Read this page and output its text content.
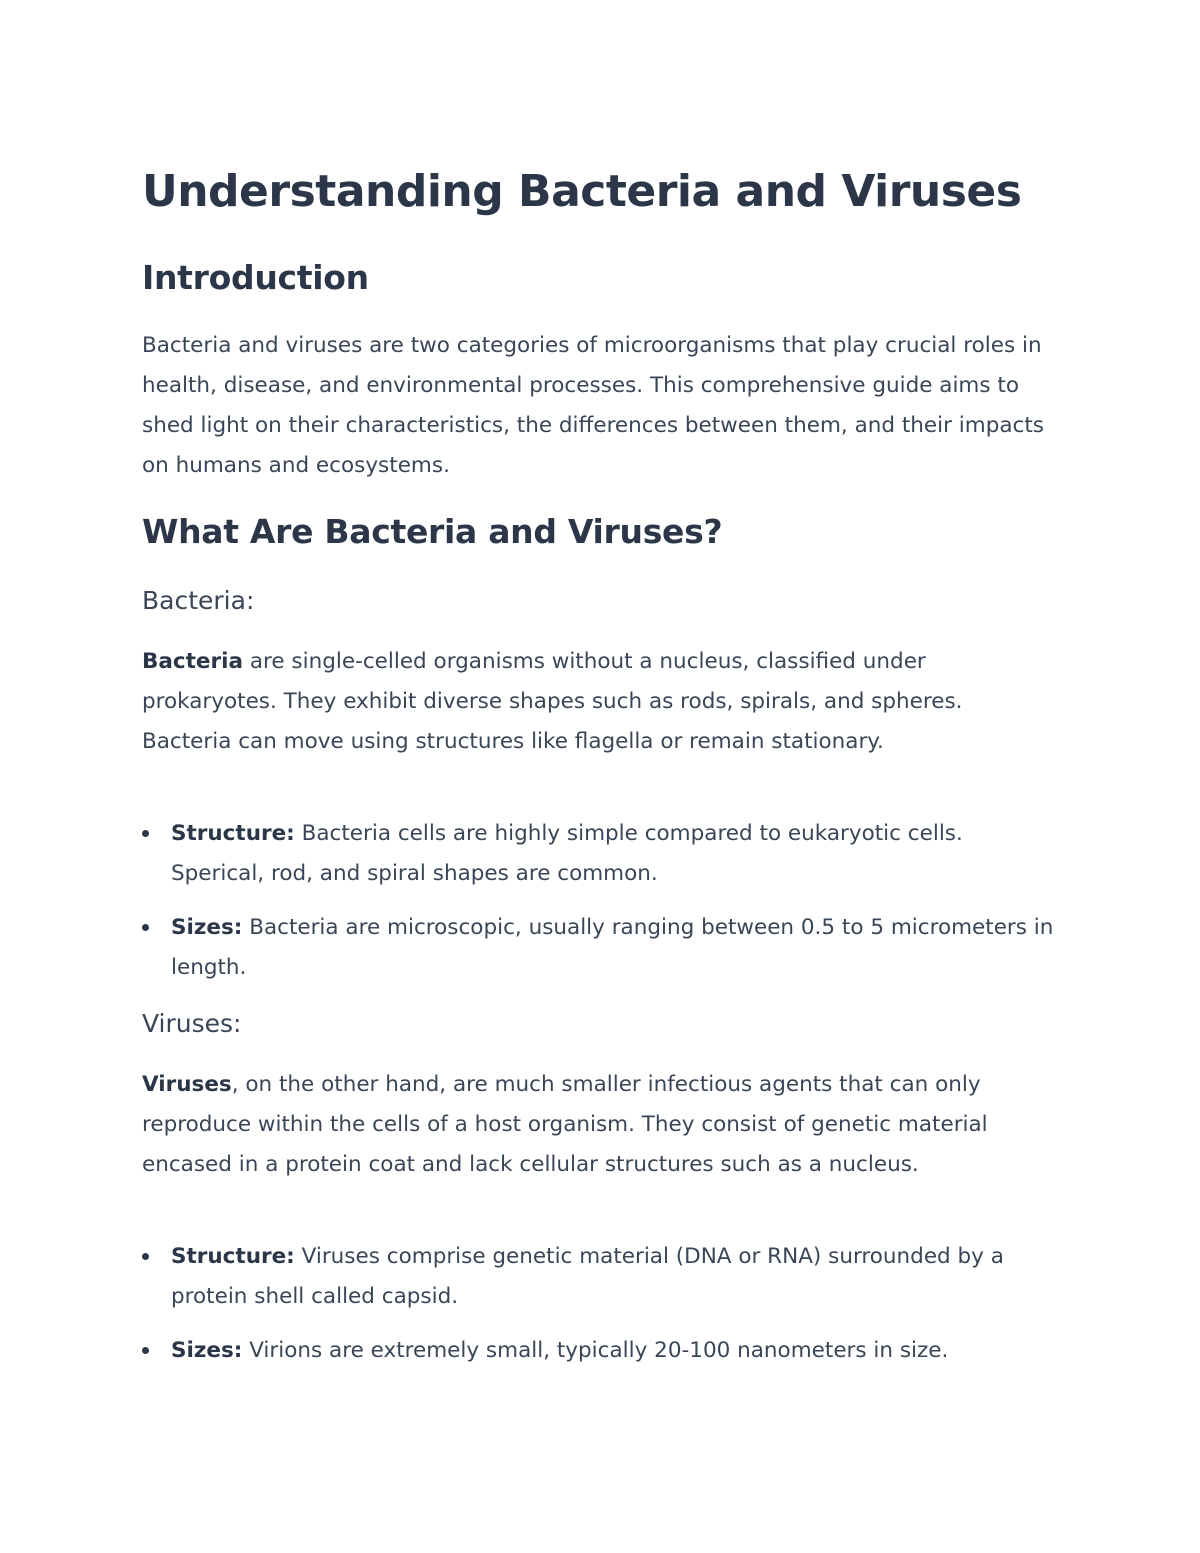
Understanding Bacteria and Viruses
Introduction

Bacteria and viruses are two categories of microorganisms that play crucial roles in health, disease, and environmental processes. This comprehensive guide aims to shed light on their characteristics, the differences between them, and their impacts on humans and ecosystems.

What Are Bacteria and Viruses?
Bacteria:

Bacteria are single-celled organisms without a nucleus, classified under prokaryotes. They exhibit diverse shapes such as rods, spirals, and spheres. Bacteria can move using structures like flagella or remain stationary.

Structure: Bacteria cells are highly simple compared to eukaryotic cells. Sperical, rod, and spiral shapes are common.
Sizes: Bacteria are microscopic, usually ranging between 0.5 to 5 micrometers in length.
Viruses:

Viruses, on the other hand, are much smaller infectious agents that can only reproduce within the cells of a host organism. They consist of genetic material encased in a protein coat and lack cellular structures such as a nucleus.

Structure: Viruses comprise genetic material (DNA or RNA) surrounded by a protein shell called capsid.
Sizes: Virions are extremely small, typically 20-100 nanometers in size.
